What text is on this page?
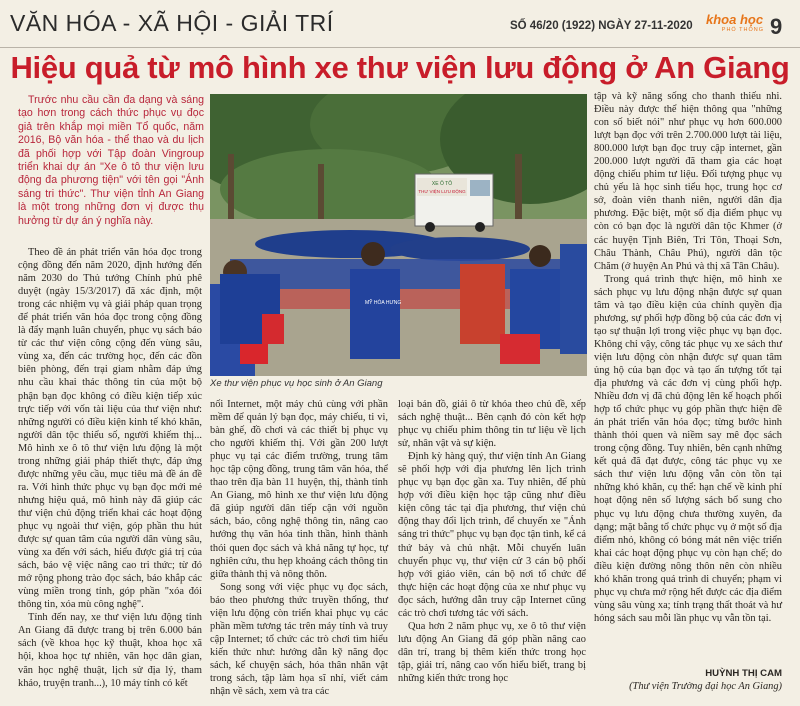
VĂN HÓA - XÃ HỘI - GIẢI TRÍ	SỐ 46/20 (1922) NGÀY 27-11-2020 khoa học
PHỔ THÔNG 9
Hiệu quả từ mô hình xe thư viện lưu động ở An Giang
Trước nhu cầu cần đa dạng và sáng tạo hơn trong cách thức phục vụ đọc giả trên khắp mọi miền Tổ quốc, năm 2016, Bộ văn hóa - thể thao và du lịch đã phối hợp với Tập đoàn Vingroup triển khai dự án "Xe ô tô thư viện lưu động đa phương tiện" với tên gọi "Ánh sáng tri thức". Thư viện tỉnh An Giang là một trong những đơn vị được thụ hưởng từ dự án ý nghĩa này.
XE Ô TÔ
THƯ VIỆN LƯU ĐỘNG
MỸ HÒA HƯNG
Xe thư viện phục vụ học sinh ở An Giang

Theo đề án phát triển văn hóa đọc trong cộng đồng đến năm 2020, định hướng đến năm 2030 do Thủ tướng Chính phủ phê duyệt (ngày 15/3/2017) đã xác định, một trong các nhiệm vụ và giải pháp quan trọng để phát triển văn hóa đọc trong cộng đồng là đẩy mạnh luân chuyển, phục vụ sách báo từ các thư viện công cộng đến vùng sâu, vùng xa, đến các trường học, đến các đồn biên phòng, đến trại giam nhằm đáp ứng nhu cầu khai thác thông tin của một bộ phận bạn đọc không có điều kiện tiếp xúc trực tiếp với vốn tài liệu của thư viện như: những người có điều kiện kinh tế khó khăn, người dân tộc thiểu số, người khiếm thị... Mô hình xe ô tô thư viện lưu động là một trong những giải pháp thiết thực, đáp ứng được những yêu cầu, mục tiêu mà đề án đề ra. Với hình thức phục vụ bạn đọc mới mẻ nhưng hiệu quả, mô hình này đã giúp các thư viện chủ động triển khai các hoạt động phục vụ ngoài thư viện, góp phần thu hút được sự quan tâm của người dân vùng sâu, vùng xa đến với sách, hiểu được giá trị của sách, bảo vệ việc nâng cao tri thức; từ đó mở rộng phong trào đọc sách, báo khắp các vùng miền trong tỉnh, góp phần "xóa đói thông tin, xóa mù công nghệ".

Tính đến nay, xe thư viện lưu động tỉnh An Giang đã được trang bị trên 6.000 bản sách (về khoa học kỹ thuật, khoa học xã hội, khoa học tự nhiên, văn học dân gian, văn học nghệ thuật, lịch sử địa lý, tham khảo, truyện tranh...), 10 máy tính có kết

nối Internet, một máy chủ cùng với phần mềm để quản lý bạn đọc, máy chiếu, ti vi, bàn ghế, đồ chơi và các thiết bị phục vụ cho người khiếm thị. Với gần 200 lượt phục vụ tại các điểm trường, trung tâm học tập cộng đồng, trung tâm văn hóa, thể thao trên địa bàn 11 huyện, thị, thành tỉnh An Giang, mô hình xe thư viện lưu động đã giúp người dân tiếp cận với nguồn sách, báo, công nghệ thông tin, nâng cao hướng thụ văn hóa tinh thần, hình thành thói quen đọc sách và khả năng tự học, tự nghiên cứu, thu hẹp khoảng cách thông tin giữa thành thị và nông thôn.

Song song với việc phục vụ đọc sách, báo theo phương thức truyền thống, thư viện lưu động còn triển khai phục vụ các phần mềm tương tác trên máy tính và truy cập Internet; tổ chức các trò chơi tìm hiểu kiến thức như: hướng dẫn kỹ năng đọc sách, kể chuyện sách, hóa thân nhân vật trong sách, tập làm họa sĩ nhí, viết cảm nhận về sách, xem và tra các

loại bản đồ, giải ô từ khóa theo chủ đề, xếp sách nghệ thuật... Bên cạnh đó còn kết hợp phục vụ chiếu phim thông tin tư liệu về lịch sử, nhân vật và sự kiện.

Định kỳ hàng quý, thư viện tỉnh An Giang sẽ phối hợp với địa phương lên lịch trình phục vụ bạn đọc gần xa. Tuy nhiên, để phù hợp với điều kiện học tập cũng như điều kiện công tác tại địa phương, thư viện chủ động thay đổi lịch trình, để chuyến xe "Ánh sáng tri thức" phục vụ bạn đọc tận tình, kể cả thứ bảy và chủ nhật. Mỗi chuyến luân chuyển phục vụ, thư viện cử 3 cán bộ phối hợp với giáo viên, cán bộ nơi tổ chức để thực hiện các hoạt động của xe như phục vụ đọc sách, hướng dẫn truy cập Internet cũng các trò chơi tương tác với sách.

Qua hơn 2 năm phục vụ, xe ô tô thư viện lưu động An Giang đã góp phần nâng cao dân trí, trang bị thêm kiến thức trong học tập, giải trí, nâng cao vốn hiểu biết, trang bị những kiến thức trong học

tập và kỹ năng sống cho thanh thiếu nhi. Điều này được thể hiện thông qua "những con số biết nói" như phục vụ hơn 600.000 lượt bạn đọc với trên 2.700.000 lượt tài liệu, 800.000 lượt bạn đọc truy cập internet, gần 200.000 lượt người đã tham gia các hoạt động chiếu phim tư liệu. Đối tượng phục vụ chủ yếu là học sinh tiểu học, trung học cơ sở, đoàn viên thanh niên, người dân địa phương. Đặc biệt, một số địa điểm phục vụ còn có bạn đọc là người dân tộc Khmer (ở các huyện Tịnh Biên, Tri Tôn, Thoại Sơn, Châu Thành, Châu Phú), người dân tộc Chăm (ở huyện An Phú và thị xã Tân Châu).

Trong quá trình thực hiện, mô hình xe sách phục vụ lưu động nhận được sự quan tâm và tạo điều kiện của chính quyền địa phương, sự phối hợp đồng bộ của các đơn vị tạo sự thuận lợi trong việc phục vụ bạn đọc. Không chỉ vậy, công tác phục vụ xe sách thư viện lưu động còn nhận được sự quan tâm ủng hộ của bạn đọc và tạo ấn tượng tốt tại địa phương và các đơn vị cùng phối hợp. Nhiều đơn vị đã chủ động lên kế hoạch phối hợp tổ chức phục vụ góp phần thực hiện đề án phát triển văn hóa đọc; từng bước hình thành thói quen và niềm say mê đọc sách trong cộng đồng. Tuy nhiên, bên cạnh những kết quả đã đạt được, công tác phục vụ xe sách thư viện lưu động vẫn còn tồn tại những khó khăn, cụ thể: hạn chế về kinh phí hoạt động nên số lượng sách bổ sung cho phục vụ lưu động chưa thường xuyên, đa dạng; mặt bằng tổ chức phục vụ ở một số địa điểm nhỏ, không có bóng mát nên việc triển khai các hoạt động phục vụ còn hạn chế; do điều kiện đường nông thôn nên còn nhiều khó khăn trong quá trình di chuyển; phạm vi phục vụ chưa mở rộng hết được các địa điểm vùng sâu vùng xa; tính trạng thất thoát và hư hỏng sách sau mỗi lần phục vụ vẫn tồn tại.

HUỲNH THỊ CAM
(Thư viện Trường đại học An Giang)
